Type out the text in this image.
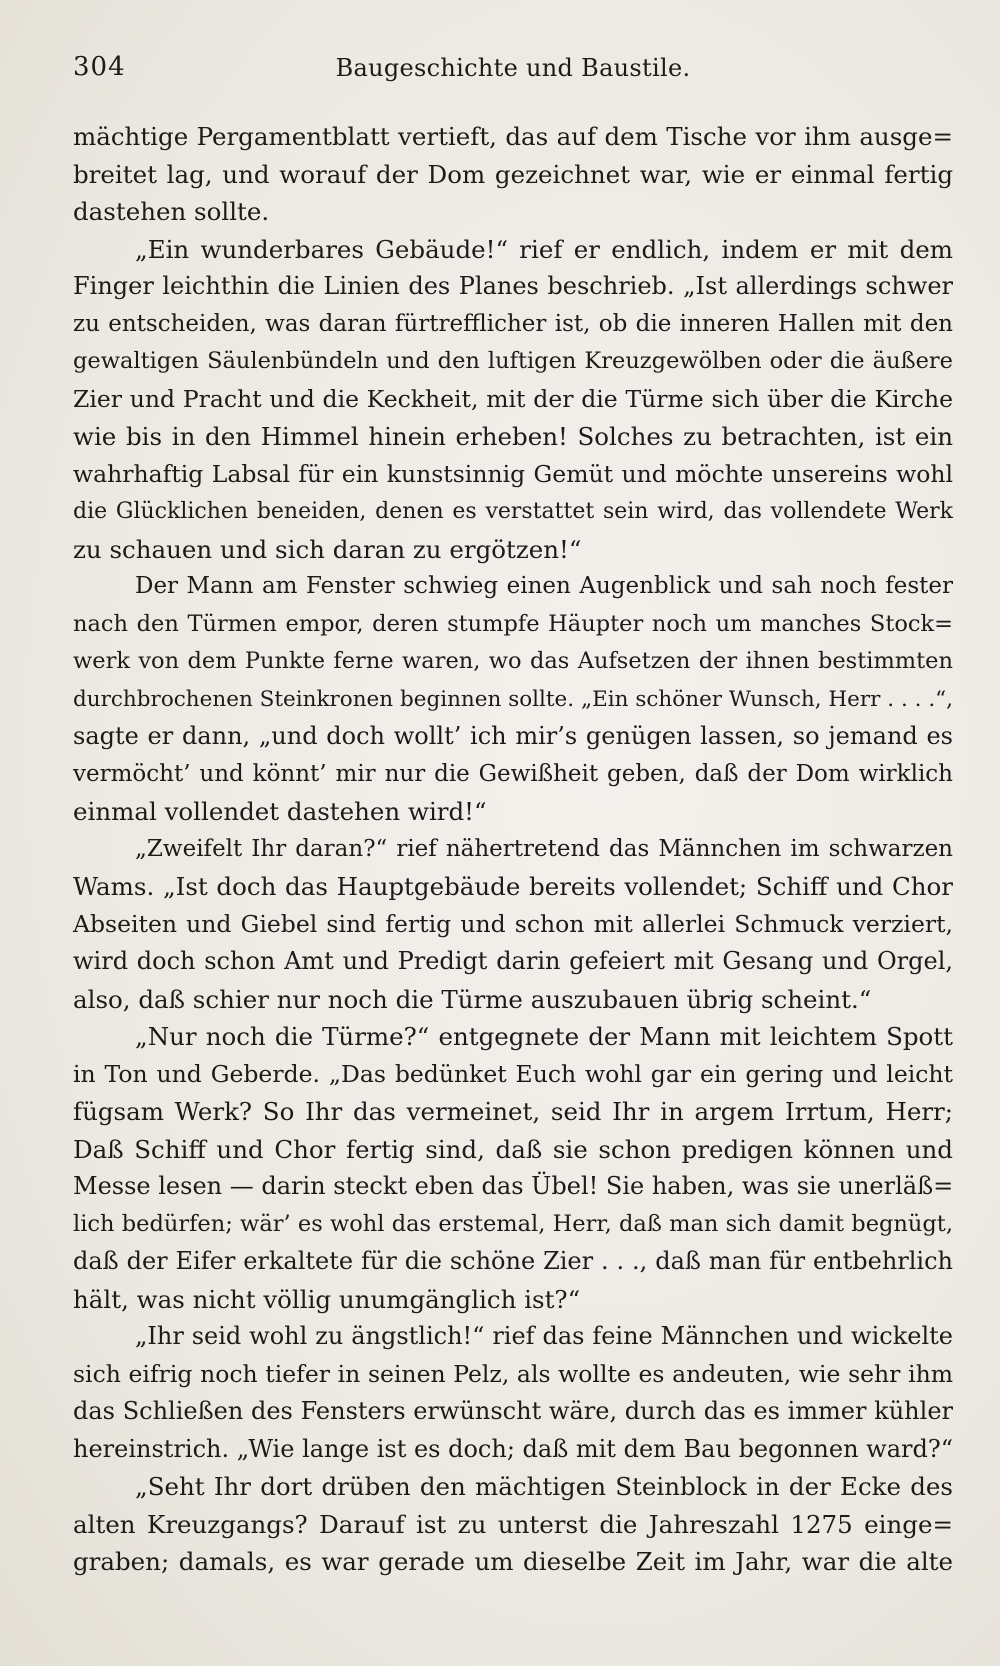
304	Baugeschichte und Baustile.
mächtige Pergamentblatt vertieft, das auf dem Tische vor ihm ausge=
breitet lag, und worauf der Dom gezeichnet war, wie er einmal fertig
dastehen sollte.
„Ein wunderbares Gebäude!“ rief er endlich, indem er mit dem
Finger leichthin die Linien des Planes beschrieb. „Ist allerdings schwer
zu entscheiden, was daran fürtrefflicher ist, ob die inneren Hallen mit den
gewaltigen Säulenbündeln und den luftigen Kreuzgewölben oder die äußere
Zier und Pracht und die Keckheit, mit der die Türme sich über die Kirche
wie bis in den Himmel hinein erheben! Solches zu betrachten, ist ein
wahrhaftig Labsal für ein kunstsinnig Gemüt und möchte unsereins wohl
die Glücklichen beneiden, denen es verstattet sein wird, das vollendete Werk
zu schauen und sich daran zu ergötzen!“
Der Mann am Fenster schwieg einen Augenblick und sah noch fester
nach den Türmen empor, deren stumpfe Häupter noch um manches Stock=
werk von dem Punkte ferne waren, wo das Aufsetzen der ihnen bestimmten
durchbrochenen Steinkronen beginnen sollte. „Ein schöner Wunsch, Herr . . . .“,
sagte er dann, „und doch wollt’ ich mir’s genügen lassen, so jemand es
vermöcht’ und könnt’ mir nur die Gewißheit geben, daß der Dom wirklich
einmal vollendet dastehen wird!“
„Zweifelt Ihr daran?“ rief nähertretend das Männchen im schwarzen
Wams. „Ist doch das Hauptgebäude bereits vollendet; Schiff und Chor
Abseiten und Giebel sind fertig und schon mit allerlei Schmuck verziert,
wird doch schon Amt und Predigt darin gefeiert mit Gesang und Orgel,
also, daß schier nur noch die Türme auszubauen übrig scheint.“
„Nur noch die Türme?“ entgegnete der Mann mit leichtem Spott
in Ton und Geberde. „Das bedünket Euch wohl gar ein gering und leicht
fügsam Werk? So Ihr das vermeinet, seid Ihr in argem Irrtum, Herr;
Daß Schiff und Chor fertig sind, daß sie schon predigen können und
Messe lesen — darin steckt eben das Übel! Sie haben, was sie unerläß=
lich bedürfen; wär’ es wohl das erstemal, Herr, daß man sich damit begnügt,
daß der Eifer erkaltete für die schöne Zier . . ., daß man für entbehrlich
hält, was nicht völlig unumgänglich ist?“
„Ihr seid wohl zu ängstlich!“ rief das feine Männchen und wickelte
sich eifrig noch tiefer in seinen Pelz, als wollte es andeuten, wie sehr ihm
das Schließen des Fensters erwünscht wäre, durch das es immer kühler
hereinstrich. „Wie lange ist es doch; daß mit dem Bau begonnen ward?“
„Seht Ihr dort drüben den mächtigen Steinblock in der Ecke des
alten Kreuzgangs? Darauf ist zu unterst die Jahreszahl 1275 einge=
graben; damals, es war gerade um dieselbe Zeit im Jahr, war die alte
